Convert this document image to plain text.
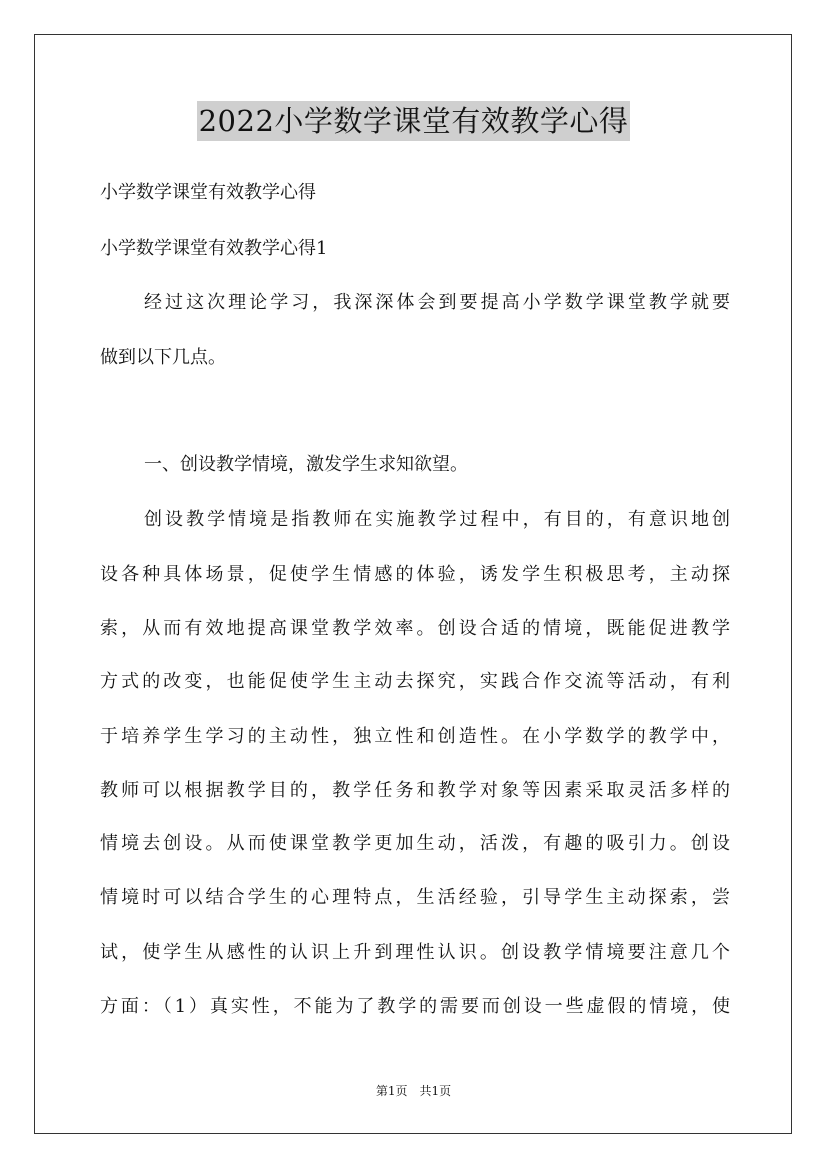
2022小学数学课堂有效教学心得
小学数学课堂有效教学心得
小学数学课堂有效教学心得1
经过这次理论学习，我深深体会到要提高小学数学课堂教学就要
做到以下几点。
一、创设教学情境，激发学生求知欲望。
创设教学情境是指教师在实施教学过程中，有目的，有意识地创
设各种具体场景，促使学生情感的体验，诱发学生积极思考，主动探
索，从而有效地提高课堂教学效率。创设合适的情境，既能促进教学
方式的改变，也能促使学生主动去探究，实践合作交流等活动，有利
于培养学生学习的主动性，独立性和创造性。在小学数学的教学中，
教师可以根据教学目的，教学任务和教学对象等因素采取灵活多样的
情境去创设。从而使课堂教学更加生动，活泼，有趣的吸引力。创设
情境时可以结合学生的心理特点，生活经验，引导学生主动探索，尝
试，使学生从感性的认识上升到理性认识。创设教学情境要注意几个
方面：（1）真实性，不能为了教学的需要而创设一些虚假的情境，使
第1页　共1页
